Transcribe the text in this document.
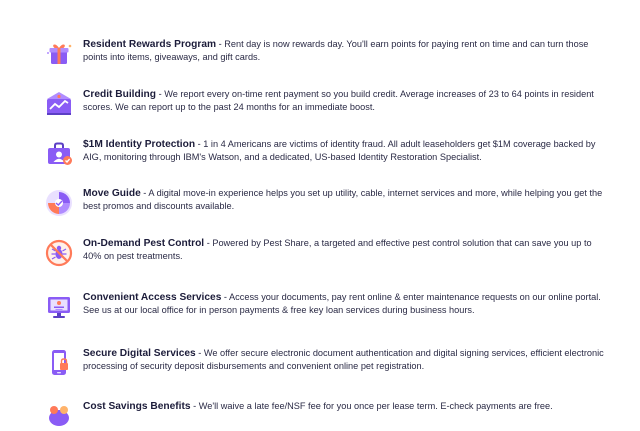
Resident Rewards Program - Rent day is now rewards day. You'll earn points for paying rent on time and can turn those points into items, giveaways, and gift cards.
Credit Building - We report every on-time rent payment so you build credit. Average increases of 23 to 64 points in resident scores. We can report up to the past 24 months for an immediate boost.
$1M Identity Protection - 1 in 4 Americans are victims of identity fraud. All adult leaseholders get $1M coverage backed by AIG, monitoring through IBM's Watson, and a dedicated, US-based Identity Restoration Specialist.
Move Guide - A digital move-in experience helps you set up utility, cable, internet services and more, while helping you get the best promos and discounts available.
On-Demand Pest Control - Powered by Pest Share, a targeted and effective pest control solution that can save you up to 40% on pest treatments.
Convenient Access Services - Access your documents, pay rent online & enter maintenance requests on our online portal. See us at our local office for in person payments & free key loan services during business hours.
Secure Digital Services - We offer secure electronic document authentication and digital signing services, efficient electronic processing of security deposit disbursements and convenient online pet registration.
Cost Savings Benefits - We'll waive a late fee/NSF fee for you once per lease term. E-check payments are free.
